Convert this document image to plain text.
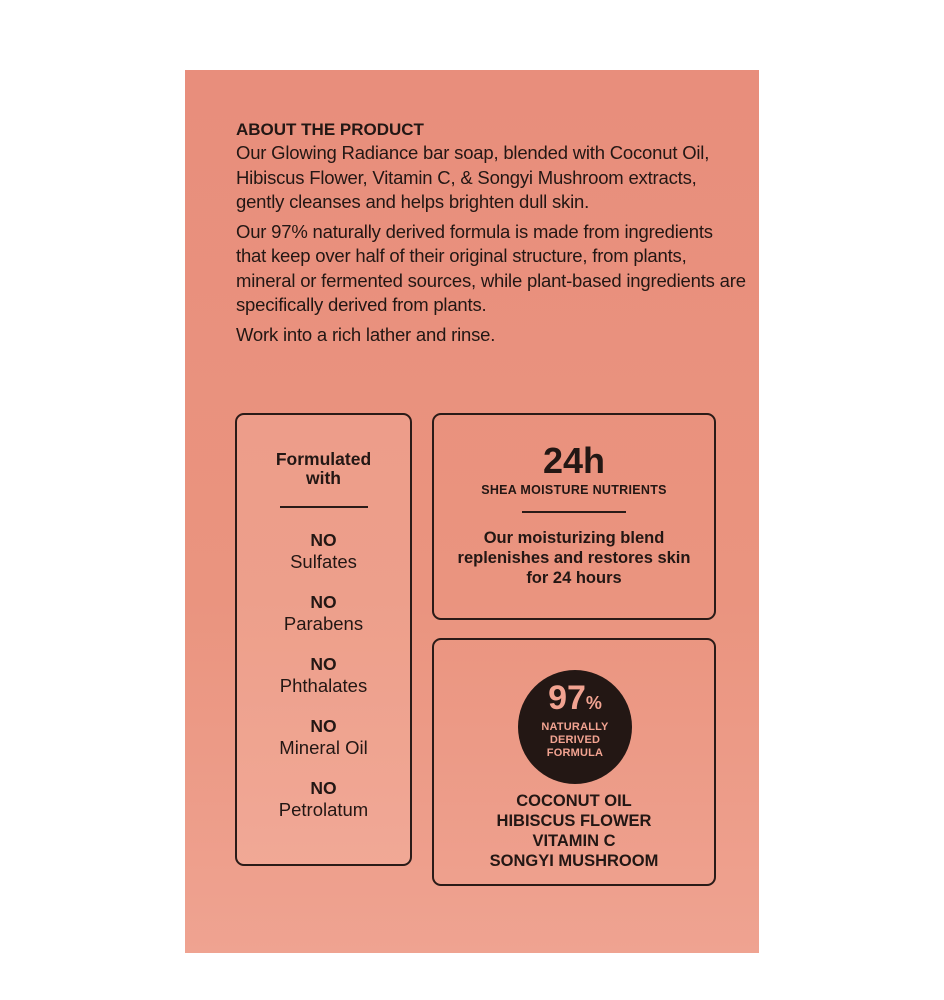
ABOUT THE PRODUCT

Our Glowing Radiance bar soap, blended with Coconut Oil, Hibiscus Flower, Vitamin C, & Songyi Mushroom extracts, gently cleanses and helps brighten dull skin.

Our 97% naturally derived formula is made from ingredients that keep over half of their original structure, from plants, mineral or fermented sources, while plant-based ingredients are specifically derived from plants.

Work into a rich lather and rinse.

Formulated
with
NO
Sulfates
NO
Parabens
NO
Phthalates
NO
Mineral Oil
NO
Petrolatum
24h
SHEA MOISTURE NUTRIENTS
Our moisturizing blend
replenishes and restores skin
for 24 hours
97%
NATURALLY
DERIVED
FORMULA
COCONUT OIL
HIBISCUS FLOWER
VITAMIN C
SONGYI MUSHROOM
